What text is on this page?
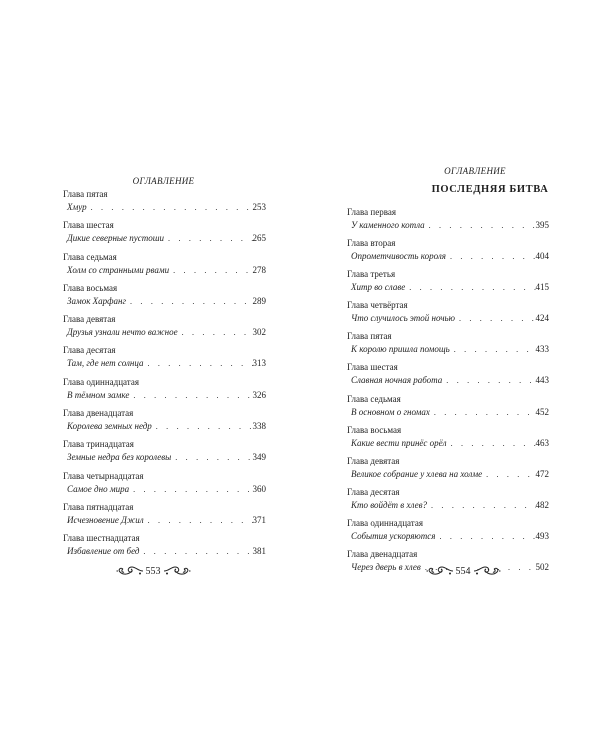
ОГЛАВЛЕНИЕ
Глава пятая
Хмур . . .	253
Глава шестая
Дикие северные пустоши . . .	265
Глава седьмая
Холм со странными рвами . . .	278
Глава восьмая
Замок Харфанг . . .	289
Глава девятая
Друзья узнали нечто важное . . .	302
Глава десятая
Там, где нет солнца . . .	313
Глава одиннадцатая
В тёмном замке . . .	326
Глава двенадцатая
Королева земных недр . . .	338
Глава тринадцатая
Земные недра без королевы . . .	349
Глава четырнадцатая
Самое дно мира . . .	360
Глава пятнадцатая
Исчезновение Джил . . .	371
Глава шестнадцатая
Избавление от бед . . .	381
553
ОГЛАВЛЕНИЕ
ПОСЛЕДНЯЯ БИТВА
Глава первая
У каменного котла . . .	395
Глава вторая
Опрометчивость короля . . .	404
Глава третья
Хитр во славе . . .	415
Глава четвёртая
Что случилось этой ночью . . .	424
Глава пятая
К королю пришла помощь . . .	433
Глава шестая
Славная ночная работа . . .	443
Глава седьмая
В основном о гномах . . .	452
Глава восьмая
Какие вести принёс орёл . . .	463
Глава девятая
Великое собрание у хлева на холме . . .	472
Глава десятая
Кто войдёт в хлев? . . .	482
Глава одиннадцатая
События ускоряются . . .	493
Глава двенадцатая
Через дверь в хлев . . .	502
554
